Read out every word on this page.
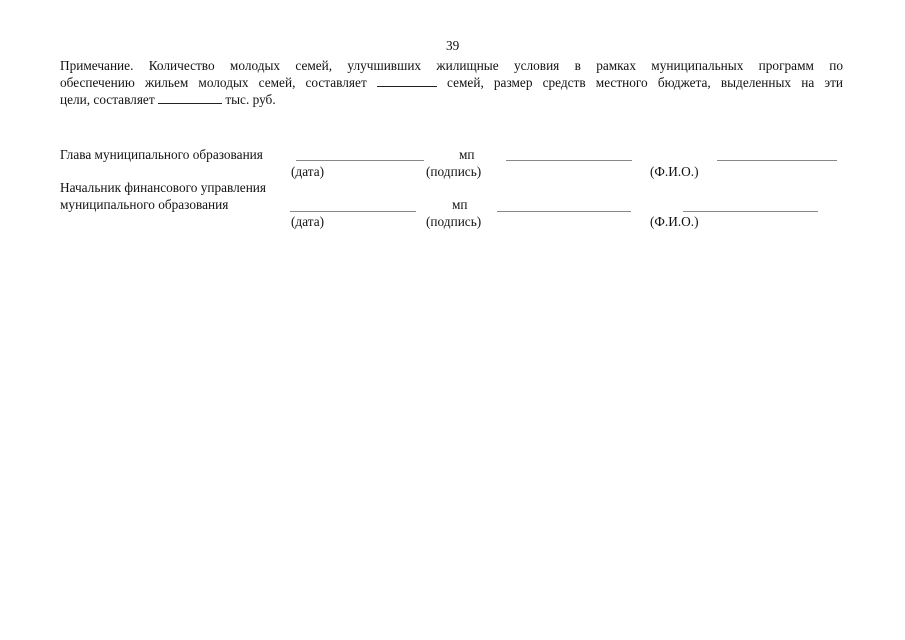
39
Примечание. Количество молодых семей, улучшивших жилищные условия в рамках муниципальных программ по
обеспечению жильем молодых семей, составляет	семей, размер средств местного бюджета, выделенных на эти
цели, составляет	тыс. руб.
Глава муниципального образования	мп
(дата)	(подпись)	(Ф.И.О.)
Начальник финансового управления
муниципального образования	мп
(дата)	(подпись)	(Ф.И.О.)
